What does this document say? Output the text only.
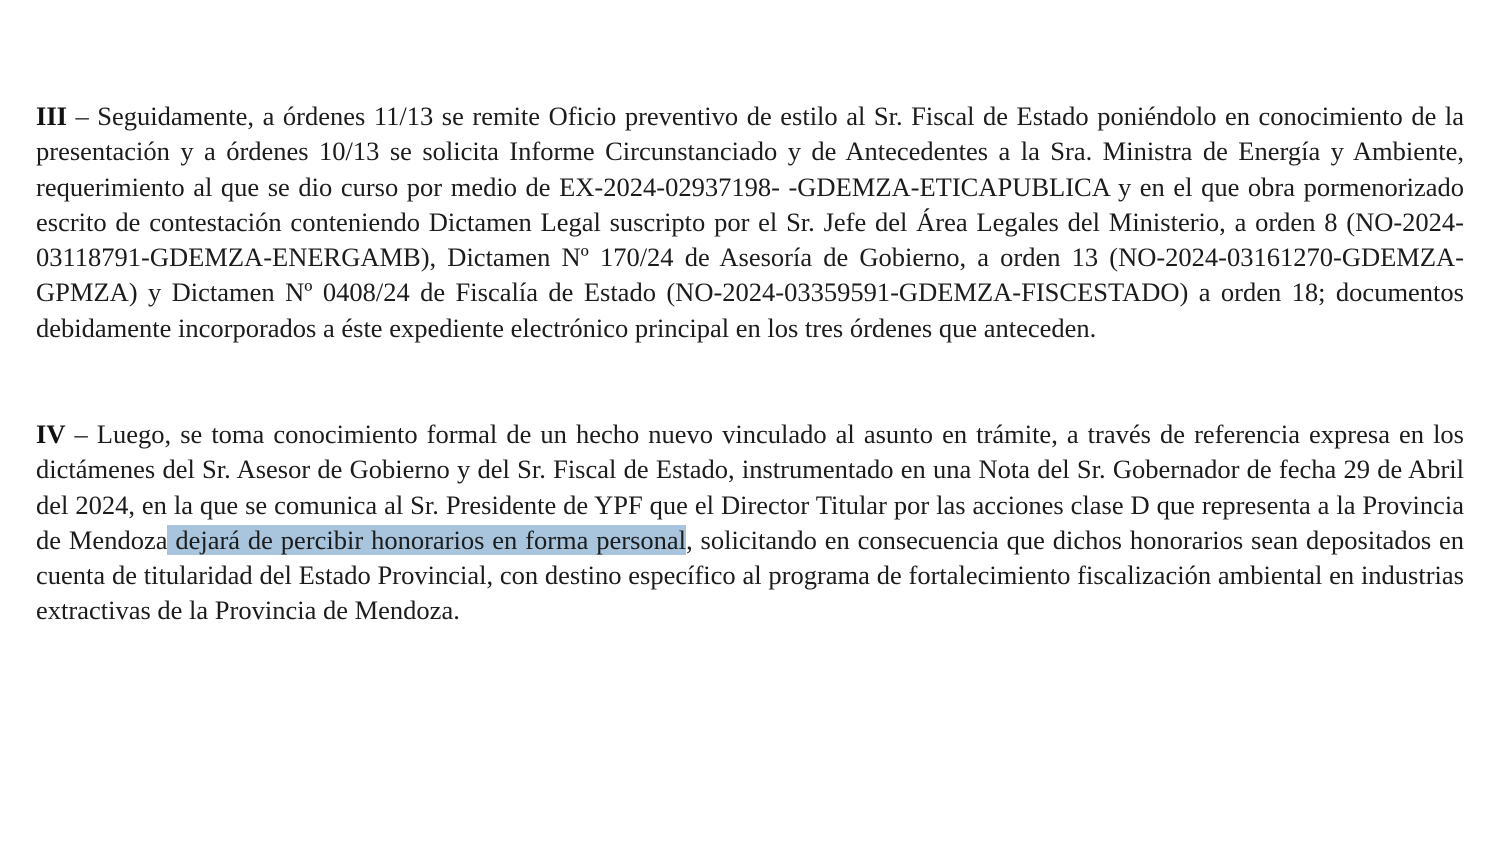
III – Seguidamente, a órdenes 11/13 se remite Oficio preventivo de estilo al Sr. Fiscal de Estado poniéndolo en conocimiento de la presentación y a órdenes 10/13 se solicita Informe Circunstanciado y de Antecedentes a la Sra. Ministra de Energía y Ambiente, requerimiento al que se dio curso por medio de EX-2024-02937198- -GDEMZA-ETICAPUBLICA y en el que obra pormenorizado escrito de contestación conteniendo Dictamen Legal suscripto por el Sr. Jefe del Área Legales del Ministerio, a orden 8 (NO-2024-03118791-GDEMZA-ENERGAMB), Dictamen Nº 170/24 de Asesoría de Gobierno, a orden 13 (NO-2024-03161270-GDEMZA-GPMZA) y Dictamen Nº 0408/24 de Fiscalía de Estado (NO-2024-03359591-GDEMZA-FISCESTADO) a orden 18; documentos debidamente incorporados a éste expediente electrónico principal en los tres órdenes que anteceden.

IV – Luego, se toma conocimiento formal de un hecho nuevo vinculado al asunto en trámite, a través de referencia expresa en los dictámenes del Sr. Asesor de Gobierno y del Sr. Fiscal de Estado, instrumentado en una Nota del Sr. Gobernador de fecha 29 de Abril del 2024, en la que se comunica al Sr. Presidente de YPF que el Director Titular por las acciones clase D que representa a la Provincia de Mendoza dejará de percibir honorarios en forma personal, solicitando en consecuencia que dichos honorarios sean depositados en cuenta de titularidad del Estado Provincial, con destino específico al programa de fortalecimiento fiscalización ambiental en industrias extractivas de la Provincia de Mendoza.
